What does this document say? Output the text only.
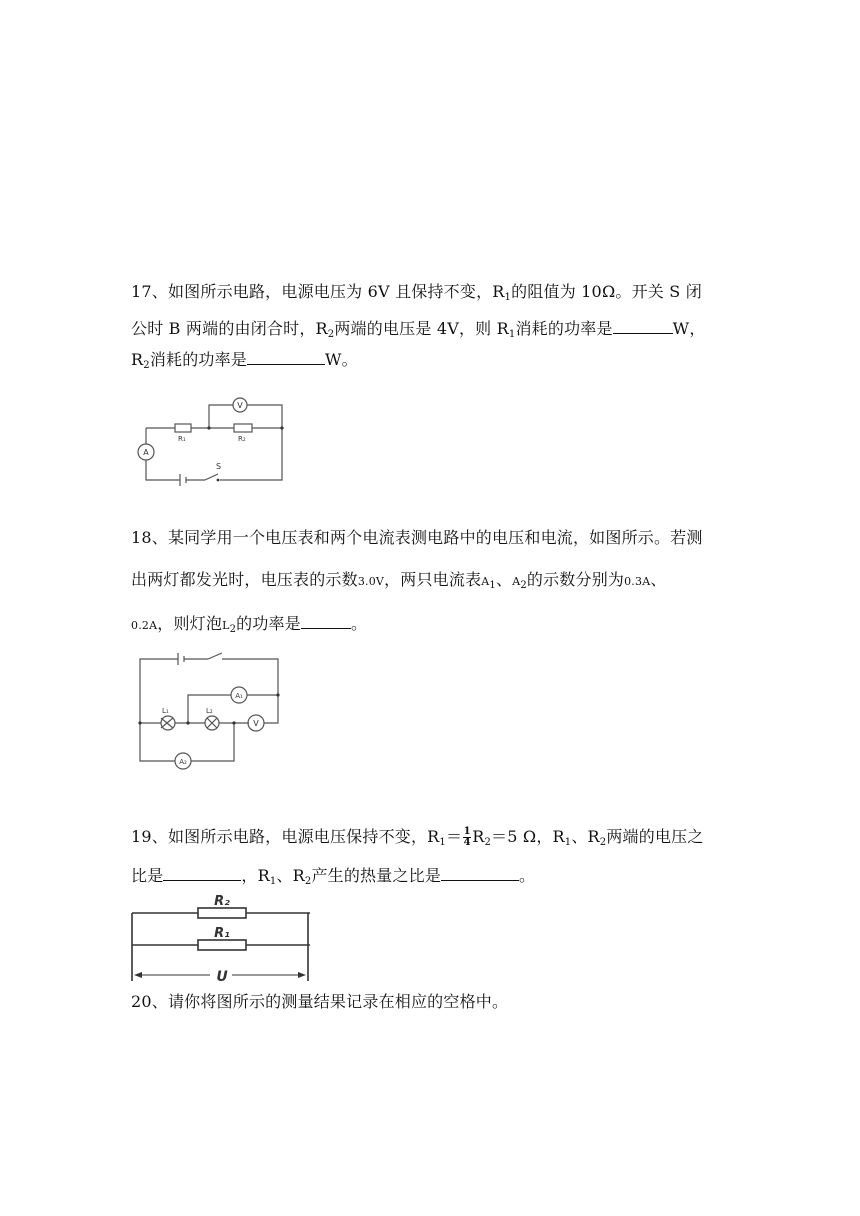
17、如图所示电路，电源电压为 6V 且保持不变，$R_1$的阻值为 10Ω。开关 S 闭
公时 B 两端的由闭合时，$R_2$两端的电压是 4V，则 $R_1$消耗的功率是	W，
$R_2$消耗的功率是	W。
V
A
R₁	R₂
S
18、某同学用一个电压表和两个电流表测电路中的电压和电流，如图所示。若测
出两灯都发光时，电压表的示数3.0V，两只电流表$A_1$、$A_2$的示数分别为0.3A、
0.2A，则灯泡$L_2$的功率是	。
A₁
V
A₂
L₁	L₂
19、如图所示电路，电源电压保持不变，$R_1= \frac{1}{4} R_2=5$ Ω，$R_1$、$R_2$两端的电压之
比是	，$R_1$、$R_2$产生的热量之比是	。
R₂
R₁
U
20、请你将图所示的测量结果记录在相应的空格中。
